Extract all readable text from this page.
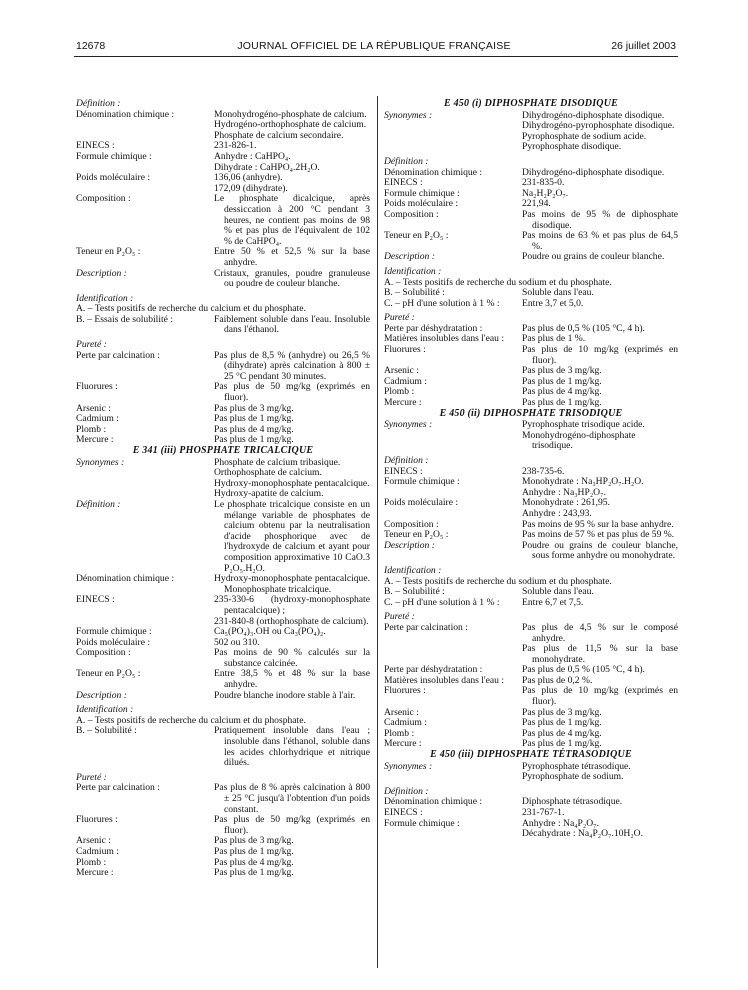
12678	JOURNAL OFFICIEL DE LA RÉPUBLIQUE FRANÇAISE	26 juillet 2003
Définition :
Dénomination chimique :	Monohydrogéno-phosphate de calcium.

Hydrogéno-orthophosphate de calcium.

Phosphate de calcium secondaire.

EINECS :	231-826-1.

Formule chimique :	Anhydre : CaHPO₄.

Dihydrate : CaHPO₄.2H₂O.

Poids moléculaire :	136,06 (anhydre).

172,09 (dihydrate).

Composition :	Le phosphate dicalcique, après dessiccation à 200 °C pendant 3 heures, ne contient pas moins de 98 % et pas plus de l'équivalent de 102 % de CaHPO₄.

Teneur en P₂O₅ :	Entre 50 % et 52,5 % sur la base anhydre.

Description :	Cristaux, granules, poudre granuleuse ou poudre de couleur blanche.

Identification :
A. – Tests positifs de recherche du calcium et du phosphate.
B. – Essais de solubilité :	Faiblement soluble dans l'eau. Insoluble dans l'éthanol.

Pureté :
Perte par calcination :	Pas plus de 8,5 % (anhydre) ou 26,5 % (dihydrate) après calcination à 800 ± 25 °C pendant 30 minutes.

Fluorures :	Pas plus de 50 mg/kg (exprimés en fluor).

Arsenic :	Pas plus de 3 mg/kg.

Cadmium :	Pas plus de 1 mg/kg.

Plomb :	Pas plus de 4 mg/kg.

Mercure :	Pas plus de 1 mg/kg.

E 341 (iii) PHOSPHATE TRICALCIQUE
Synonymes :	Phosphate de calcium tribasique.

Orthophosphate de calcium.

Hydroxy-monophosphate pentacalcique.

Hydroxy-apatite de calcium.

Définition :	Le phosphate tricalcique consiste en un mélange variable de phosphates de calcium obtenu par la neutralisation d'acide phosphorique avec de l'hydroxyde de calcium et ayant pour composition approximative 10 CaO.3 P₂O₅.H₂O.

Dénomination chimique :	Hydroxy-monophosphate pentacalcique. Monophosphate tricalcique.

EINECS :	235-330-6 (hydroxy-monophosphate pentacalcique) ;

231-840-8 (orthophosphate de calcium).

Formule chimique :	Ca₅(PO₄)₃.OH ou Ca₃(PO₄)₂.

Poids moléculaire :	502 ou 310.

Composition :	Pas moins de 90 % calculés sur la substance calcinée.

Teneur en P₂O₅ :	Entre 38,5 % et 48 % sur la base anhydre.

Description :	Poudre blanche inodore stable à l'air.

Identification :
A. – Tests positifs de recherche du calcium et du phosphate.
B. – Solubilité :	Pratiquement insoluble dans l'eau ; insoluble dans l'éthanol, soluble dans les acides chlorhydrique et nitrique dilués.

Pureté :
Perte par calcination :	Pas plus de 8 % après calcination à 800 ± 25 °C jusqu'à l'obtention d'un poids constant.

Fluorures :	Pas plus de 50 mg/kg (exprimés en fluor).

Arsenic :	Pas plus de 3 mg/kg.

Cadmium :	Pas plus de 1 mg/kg.

Plomb :	Pas plus de 4 mg/kg.

Mercure :	Pas plus de 1 mg/kg.

E 450 (i) DIPHOSPHATE DISODIQUE
Synonymes :	Dihydrogéno-diphosphate disodique.

Dihydrogéno-pyrophosphate disodique.

Pyrophosphate de sodium acide.

Pyrophosphate disodique.

Définition :
Dénomination chimique :	Dihydrogéno-diphosphate disodique.

EINECS :	231-835-0.

Formule chimique :	Na₂H₂P₂O₇.

Poids moléculaire :	221,94.

Composition :	Pas moins de 95 % de diphosphate disodique.

Teneur en P₂O₅ :	Pas moins de 63 % et pas plus de 64,5 %.

Description :	Poudre ou grains de couleur blanche.

Identification :
A. – Tests positifs de recherche du sodium et du phosphate.
B. – Solubilité :	Soluble dans l'eau.

C. – pH d'une solution à 1 % :	Entre 3,7 et 5,0.

Pureté :
Perte par déshydratation :	Pas plus de 0,5 % (105 °C, 4 h).

Matières insolubles dans l'eau :	Pas plus de 1 %.

Fluorures :	Pas plus de 10 mg/kg (exprimés en fluor).

Arsenic :	Pas plus de 3 mg/kg.

Cadmium :	Pas plus de 1 mg/kg.

Plomb :	Pas plus de 4 mg/kg.

Mercure :	Pas plus de 1 mg/kg.

E 450 (ii) DIPHOSPHATE TRISODIQUE
Synonymes :	Pyrophosphate trisodique acide.

Monohydrogéno-diphosphate trisodique.

Définition :
EINECS :	238-735-6.

Formule chimique :	Monohydrate : Na₃HP₂O₇.H₂O.

Anhydre : Na₃HP₂O₇.

Poids moléculaire :	Monohydrate : 261,95.

Anhydre : 243,93.

Composition :	Pas moins de 95 % sur la base anhydre.

Teneur en P₂O₅ :	Pas moins de 57 % et pas plus de 59 %.

Description :	Poudre ou grains de couleur blanche, sous forme anhydre ou monohydrate.

Identification :
A. – Tests positifs de recherche du sodium et du phosphate.
B. – Solubilité :	Soluble dans l'eau.

C. – pH d'une solution à 1 % :	Entre 6,7 et 7,5.

Pureté :
Perte par calcination :	Pas plus de 4,5 % sur le composé anhydre.

Pas plus de 11,5 % sur la base monohydrate.

Perte par déshydratation :	Pas plus de 0,5 % (105 °C, 4 h).

Matières insolubles dans l'eau :	Pas plus de 0,2 %.

Fluorures :	Pas plus de 10 mg/kg (exprimés en fluor).

Arsenic :	Pas plus de 3 mg/kg.

Cadmium :	Pas plus de 1 mg/kg.

Plomb :	Pas plus de 4 mg/kg.

Mercure :	Pas plus de 1 mg/kg.

E 450 (iii) DIPHOSPHATE TÉTRASODIQUE
Synonymes :	Pyrophosphate tétrasodique.

Pyrophosphate de sodium.

Définition :
Dénomination chimique :	Diphosphate tétrasodique.

EINECS :	231-767-1.

Formule chimique :	Anhydre : Na₄P₂O₇.

Décahydrate : Na₄P₂O₇.10H₂O.
